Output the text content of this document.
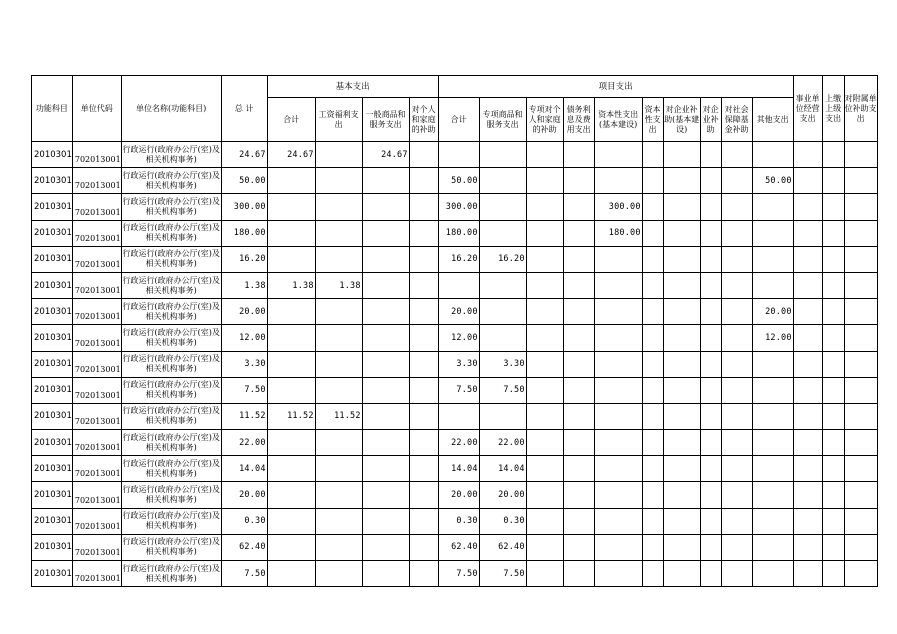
功能科目	单位代码	单位名称(功能科目)	总 计	基本支出				项目支出										事业单位经营支出	上缴上级支出	对附属单位补助支出
				合计	工资福利支出	一般商品和服务支出	对个人和家庭的补助	合计	专项商品和服务支出	专项对个人和家庭的补助	债务利息及费用支出	资本性支出(基本建设)	资本性支出	对企业补助(基本建设)	对企业补助	对社会保障基金补助	其他支出			
2010301	702013001	行政运行(政府办公厅(室)及相关机构事务)	24.67	24.67		24.67														
2010301	702013001	行政运行(政府办公厅(室)及相关机构事务)	50.00					50.00									50.00			
2010301	702013001	行政运行(政府办公厅(室)及相关机构事务)	300.00					300.00				300.00								
2010301	702013001	行政运行(政府办公厅(室)及相关机构事务)	180.00					180.00				180.00								
2010301	702013001	行政运行(政府办公厅(室)及相关机构事务)	16.20					16.20	16.20											
2010301	702013001	行政运行(政府办公厅(室)及相关机构事务)	1.38	1.38	1.38															
2010301	702013001	行政运行(政府办公厅(室)及相关机构事务)	20.00					20.00									20.00			
2010301	702013001	行政运行(政府办公厅(室)及相关机构事务)	12.00					12.00									12.00			
2010301	702013001	行政运行(政府办公厅(室)及相关机构事务)	3.30					3.30	3.30											
2010301	702013001	行政运行(政府办公厅(室)及相关机构事务)	7.50					7.50	7.50											
2010301	702013001	行政运行(政府办公厅(室)及相关机构事务)	11.52	11.52	11.52															
2010301	702013001	行政运行(政府办公厅(室)及相关机构事务)	22.00					22.00	22.00											
2010301	702013001	行政运行(政府办公厅(室)及相关机构事务)	14.04					14.04	14.04											
2010301	702013001	行政运行(政府办公厅(室)及相关机构事务)	20.00					20.00	20.00											
2010301	702013001	行政运行(政府办公厅(室)及相关机构事务)	0.30					0.30	0.30											
2010301	702013001	行政运行(政府办公厅(室)及相关机构事务)	62.40					62.40	62.40											
2010301	702013001	行政运行(政府办公厅(室)及相关机构事务)	7.50					7.50	7.50											
